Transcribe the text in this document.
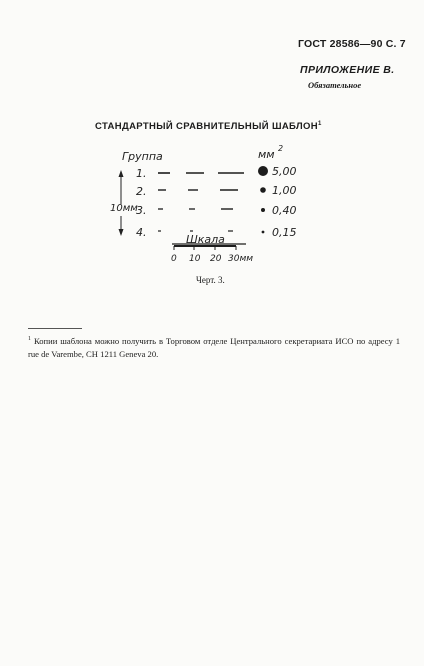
ГОСТ 28586—90 С. 7
ПРИЛОЖЕНИЕ В.
Обязательное
СТАНДАРТНЫЙ СРАВНИТЕЛЬНЫЙ ШАБЛОН$^1$
Группа	мм 2
10мм
1.
2.
3.
4.
5,00
1,00
0,40
0,15
Шкала
0 10 20 30мм
Черт. 3.
$^1$ Копии шаблона можно получить в Торговом отделе Центрального секретариата ИСО по адресу 1 rue de Varembe, CH 1211 Geneva 20.
